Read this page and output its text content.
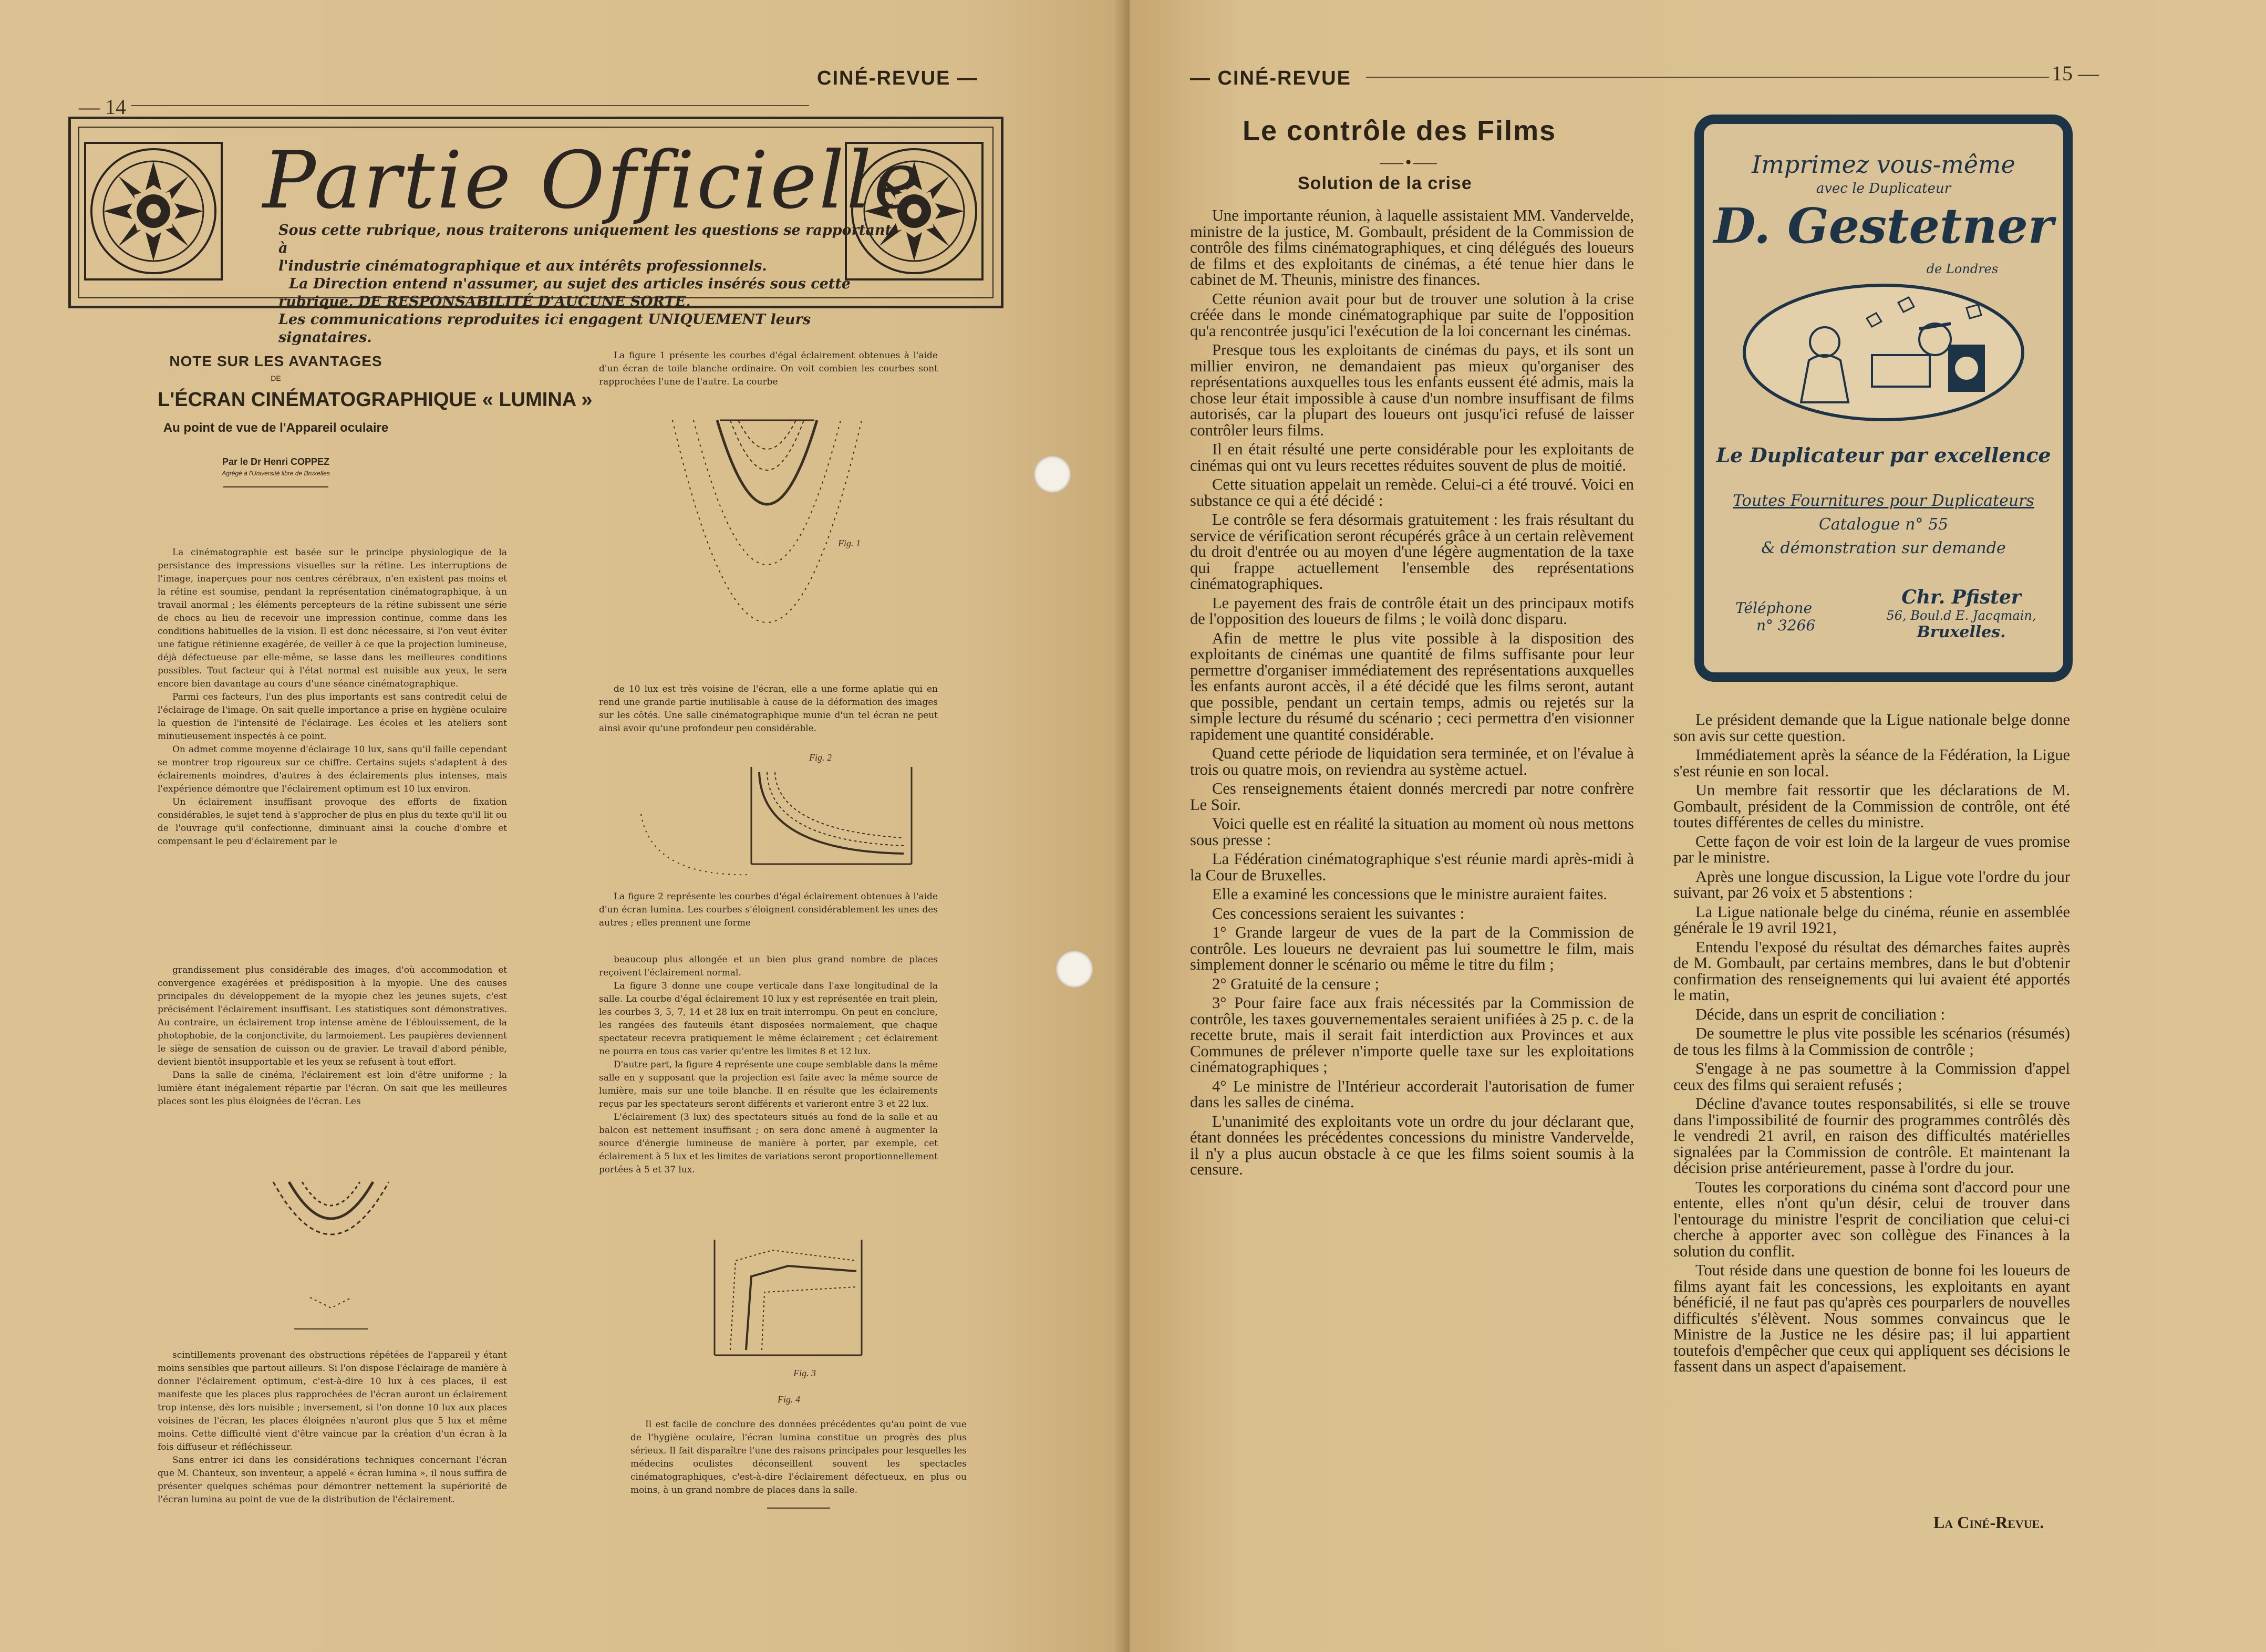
— 14
CINÉ-REVUE —
Partie Officielle
Sous cette rubrique, nous traiterons uniquement les questions se rapportant à
l'industrie cinématographique et aux intérêts professionnels.
La Direction entend n'assumer, au sujet des articles insérés sous cette
rubrique, DE RESPONSABILITÉ D'AUCUNE SORTE.
Les communications reproduites ici engagent UNIQUEMENT leurs signataires.
NOTE SUR LES AVANTAGES
DE
L'ÉCRAN CINÉMATOGRAPHIQUE « LUMINA »
Au point de vue de l'Appareil oculaire
Par le Dr Henri COPPEZ
Agrégé à l'Université libre de Bruxelles

La cinématographie est basée sur le principe physiologique de la persistance des impressions visuelles sur la rétine. Les interruptions de l'image, inaperçues pour nos centres cérébraux, n'en existent pas moins et la rétine est soumise, pendant la représentation cinématographique, à un travail anormal ; les éléments percepteurs de la rétine subissent une série de chocs au lieu de recevoir une impression continue, comme dans les conditions habituelles de la vision. Il est donc nécessaire, si l'on veut éviter une fatigue rétinienne exagérée, de veiller à ce que la projection lumineuse, déjà défectueuse par elle-même, se lasse dans les meilleures conditions possibles. Tout facteur qui à l'état normal est nuisible aux yeux, le sera encore bien davantage au cours d'une séance cinématographique.

Parmi ces facteurs, l'un des plus importants est sans contredit celui de l'éclairage de l'image. On sait quelle importance a prise en hygiène oculaire la question de l'intensité de l'éclairage. Les écoles et les ateliers sont minutieusement inspectés à ce point.

On admet comme moyenne d'éclairage 10 lux, sans qu'il faille cependant se montrer trop rigoureux sur ce chiffre. Certains sujets s'adaptent à des éclairements moindres, d'autres à des éclairements plus intenses, mais l'expérience démontre que l'éclairement optimum est 10 lux environ.

Un éclairement insuffisant provoque des efforts de fixation considérables, le sujet tend à s'approcher de plus en plus du texte qu'il lit ou de l'ouvrage qu'il confectionne, diminuant ainsi la couche d'ombre et compensant le peu d'éclairement par le

grandissement plus considérable des images, d'où accommodation et convergence exagérées et prédisposition à la myopie. Une des causes principales du développement de la myopie chez les jeunes sujets, c'est précisément l'éclairement insuffisant. Les statistiques sont démonstratives. Au contraire, un éclairement trop intense amène de l'éblouissement, de la photophobie, de la conjonctivite, du larmoiement. Les paupières deviennent le siège de sensation de cuisson ou de gravier. Le travail d'abord pénible, devient bientôt insupportable et les yeux se refusent à tout effort.

Dans la salle de cinéma, l'éclairement est loin d'être uniforme ; la lumière étant inégalement répartie par l'écran. On sait que les meilleures places sont les plus éloignées de l'écran. Les

scintillements provenant des obstructions répétées de l'appareil y étant moins sensibles que partout ailleurs. Si l'on dispose l'éclairage de manière à donner l'éclairement optimum, c'est-à-dire 10 lux à ces places, il est manifeste que les places plus rapprochées de l'écran auront un éclairement trop intense, dès lors nuisible ; inversement, si l'on donne 10 lux aux places voisines de l'écran, les places éloignées n'auront plus que 5 lux et même moins. Cette difficulté vient d'être vaincue par la création d'un écran à la fois diffuseur et réfléchisseur.

Sans entrer ici dans les considérations techniques concernant l'écran que M. Chanteux, son inventeur, a appelé « écran lumina », il nous suffira de présenter quelques schémas pour démontrer nettement la supériorité de l'écran lumina au point de vue de la distribution de l'éclairement.

La figure 1 présente les courbes d'égal éclairement obtenues à l'aide d'un écran de toile blanche ordinaire. On voit combien les courbes sont rapprochées l'une de l'autre. La courbe

Fig. 1

de 10 lux est très voisine de l'écran, elle a une forme aplatie qui en rend une grande partie inutilisable à cause de la déformation des images sur les côtés. Une salle cinématographique munie d'un tel écran ne peut ainsi avoir qu'une profondeur peu considérable.

Fig. 2

La figure 2 représente les courbes d'égal éclairement obtenues à l'aide d'un écran lumina. Les courbes s'éloignent considérablement les unes des autres ; elles prennent une forme

beaucoup plus allongée et un bien plus grand nombre de places reçoivent l'éclairement normal.

La figure 3 donne une coupe verticale dans l'axe longitudinal de la salle. La courbe d'égal éclairement 10 lux y est représentée en trait plein, les courbes 3, 5, 7, 14 et 28 lux en trait interrompu. On peut en conclure, les rangées des fauteuils étant disposées normalement, que chaque spectateur recevra pratiquement le même éclairement ; cet éclairement ne pourra en tous cas varier qu'entre les limites 8 et 12 lux.

D'autre part, la figure 4 représente une coupe semblable dans la même salle en y supposant que la projection est faite avec la même source de lumière, mais sur une toile blanche. Il en résulte que les éclairements reçus par les spectateurs seront différents et varieront entre 3 et 22 lux.

L'éclairement (3 lux) des spectateurs situés au fond de la salle et au balcon est nettement insuffisant ; on sera donc amené à augmenter la source d'énergie lumineuse de manière à porter, par exemple, cet éclairement à 5 lux et les limites de variations seront proportionnellement portées à 5 et 37 lux.

Fig. 3
Fig. 4

Il est facile de conclure des données précédentes qu'au point de vue de l'hygiène oculaire, l'écran lumina constitue un progrès des plus sérieux. Il fait disparaître l'une des raisons principales pour lesquelles les médecins oculistes déconseillent souvent les spectacles cinématographiques, c'est-à-dire l'éclairement défectueux, en plus ou moins, à un grand nombre de places dans la salle.

— CINÉ-REVUE	15 —
Le contrôle des Films
⸺•⸺
Solution de la crise

Une importante réunion, à laquelle assistaient MM. Vandervelde, ministre de la justice, M. Gombault, président de la Commission de contrôle des films cinématographiques, et cinq délégués des loueurs de films et des exploitants de cinémas, a été tenue hier dans le cabinet de M. Theunis, ministre des finances.

Cette réunion avait pour but de trouver une solution à la crise créée dans le monde cinématographique par suite de l'opposition qu'a rencontrée jusqu'ici l'exécution de la loi concernant les cinémas.

Presque tous les exploitants de cinémas du pays, et ils sont un millier environ, ne demandaient pas mieux qu'organiser des représentations auxquelles tous les enfants eussent été admis, mais la chose leur était impossible à cause d'un nombre insuffisant de films autorisés, car la plupart des loueurs ont jusqu'ici refusé de laisser contrôler leurs films.

Il en était résulté une perte considérable pour les exploitants de cinémas qui ont vu leurs recettes réduites souvent de plus de moitié.

Cette situation appelait un remède. Celui-ci a été trouvé. Voici en substance ce qui a été décidé :

Le contrôle se fera désormais gratuitement : les frais résultant du service de vérification seront récupérés grâce à un certain relèvement du droit d'entrée ou au moyen d'une légère augmentation de la taxe qui frappe actuellement l'ensemble des représentations cinématographiques.

Le payement des frais de contrôle était un des principaux motifs de l'opposition des loueurs de films ; le voilà donc disparu.

Afin de mettre le plus vite possible à la disposition des exploitants de cinémas une quantité de films suffisante pour leur permettre d'organiser immédiatement des représentations auxquelles les enfants auront accès, il a été décidé que les films seront, autant que possible, pendant un certain temps, admis ou rejetés sur la simple lecture du résumé du scénario ; ceci permettra d'en visionner rapidement une quantité considérable.

Quand cette période de liquidation sera terminée, et on l'évalue à trois ou quatre mois, on reviendra au système actuel.

Ces renseignements étaient donnés mercredi par notre confrère Le Soir.

Voici quelle est en réalité la situation au moment où nous mettons sous presse :

La Fédération cinématographique s'est réunie mardi après-midi à la Cour de Bruxelles.

Elle a examiné les concessions que le ministre auraient faites.

Ces concessions seraient les suivantes :

1° Grande largeur de vues de la part de la Commission de contrôle. Les loueurs ne devraient pas lui soumettre le film, mais simplement donner le scénario ou même le titre du film ;

2° Gratuité de la censure ;

3° Pour faire face aux frais nécessités par la Commission de contrôle, les taxes gouvernementales seraient unifiées à 25 p. c. de la recette brute, mais il serait fait interdiction aux Provinces et aux Communes de prélever n'importe quelle taxe sur les exploitations cinématographiques ;

4° Le ministre de l'Intérieur accorderait l'autorisation de fumer dans les salles de cinéma.

L'unanimité des exploitants vote un ordre du jour déclarant que, étant données les précédentes concessions du ministre Vandervelde, il n'y a plus aucun obstacle à ce que les films soient soumis à la censure.

Imprimez vous-même
avec le Duplicateur
D. Gestetner
de Londres
Le Duplicateur par excellence
Toutes Fournitures pour Duplicateurs
Catalogue n° 55
& démonstration sur demande
Téléphone
n° 3266
Chr. Pfister
56, Boul.d E. Jacqmain,
Bruxelles.

Le président demande que la Ligue nationale belge donne son avis sur cette question.

Immédiatement après la séance de la Fédération, la Ligue s'est réunie en son local.

Un membre fait ressortir que les déclarations de M. Gombault, président de la Commission de contrôle, ont été toutes différentes de celles du ministre.

Cette façon de voir est loin de la largeur de vues promise par le ministre.

Après une longue discussion, la Ligue vote l'ordre du jour suivant, par 26 voix et 5 abstentions :

La Ligue nationale belge du cinéma, réunie en assemblée générale le 19 avril 1921,

Entendu l'exposé du résultat des démarches faites auprès de M. Gombault, par certains membres, dans le but d'obtenir confirmation des renseignements qui lui avaient été apportés le matin,

Décide, dans un esprit de conciliation :

De soumettre le plus vite possible les scénarios (résumés) de tous les films à la Commission de contrôle ;

S'engage à ne pas soumettre à la Commission d'appel ceux des films qui seraient refusés ;

Décline d'avance toutes responsabilités, si elle se trouve dans l'impossibilité de fournir des programmes contrôlés dès le vendredi 21 avril, en raison des difficultés matérielles signalées par la Commission de contrôle. Et maintenant la décision prise antérieurement, passe à l'ordre du jour.

Toutes les corporations du cinéma sont d'accord pour une entente, elles n'ont qu'un désir, celui de trouver dans l'entourage du ministre l'esprit de conciliation que celui-ci cherche à apporter avec son collègue des Finances à la solution du conflit.

Tout réside dans une question de bonne foi les loueurs de films ayant fait les concessions, les exploitants en ayant bénéficié, il ne faut pas qu'après ces pourparlers de nouvelles difficultés s'élèvent. Nous sommes convaincus que le Ministre de la Justice ne les désire pas; il lui appartient toutefois d'empêcher que ceux qui appliquent ses décisions le fassent dans un aspect d'apaisement.

La Ciné-Revue.
